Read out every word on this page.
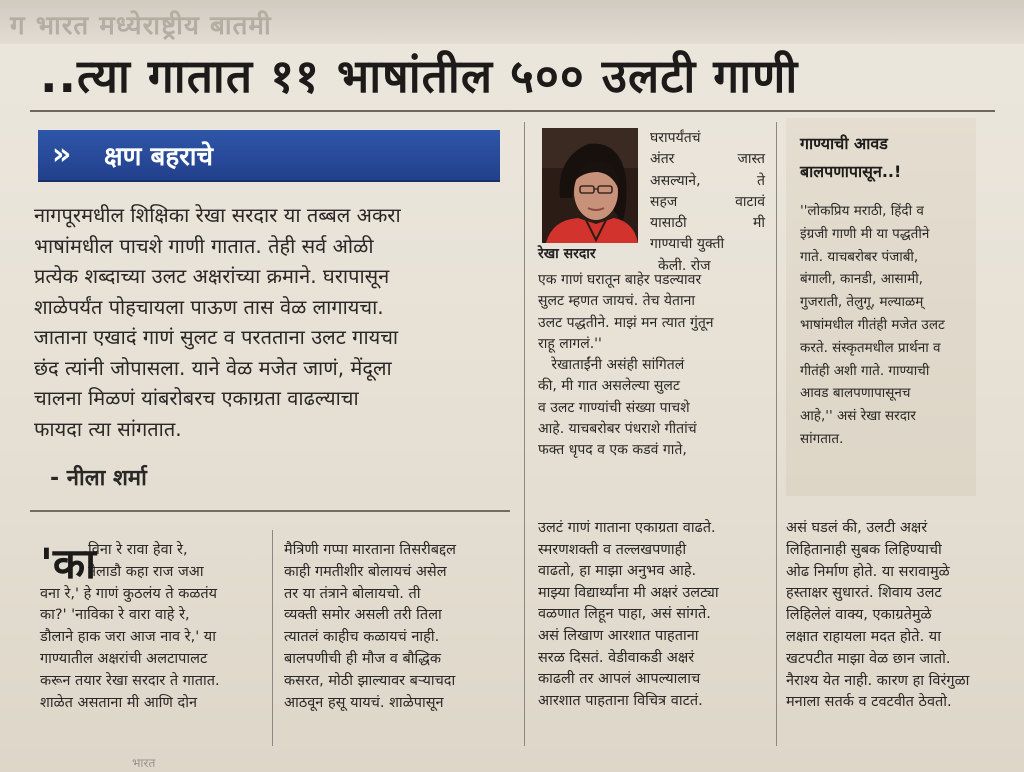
ग भारत मध्येराष्ट्रीय बातमी
..त्या गातात ११ भाषांतील ५०० उलटी गाणी
» क्षण बहराचे

नागपूरमधील शिक्षिका रेखा सरदार या तब्बल अकरा

भाषांमधील पाचशे गाणी गातात. तेही सर्व ओळी

प्रत्येक शब्दाच्या उलट अक्षरांच्या क्रमाने. घरापासून

शाळेपर्यंत पोहचायला पाऊण तास वेळ लागायचा.

जाताना एखादं गाणं सुलट व परतताना उलट गायचा

छंद त्यांनी जोपासला. याने वेळ मजेत जाणं, मेंदूला

चालना मिळणं यांबरोबरच एकाग्रता वाढल्याचा

फायदा त्या सांगतात.

- नीला शर्मा
रेखा सरदार

घरापर्यंतचं

अंतर	जास्त

असल्याने,	ते

सहज	वाटावं

यासाठी	मी

गाण्याची युक्ती

केली. रोज

एक गाणं घरातून बाहेर पडल्यावर

सुलट म्हणत जायचं. तेच येताना

उलट पद्धतीने. माझं मन त्यात गुंतून

राहू लागलं.''

रेखाताईंनी असंही सांगितलं

की, मी गात असलेल्या सुलट

व उलट गाण्यांची संख्या पाचशे

आहे. याचबरोबर पंधराशे गीतांचं

फक्त धृपद व एक कडवं गाते,

उलटं गाणं गाताना एकाग्रता वाढते.

स्मरणशक्ती व तल्लखपणाही

वाढतो, हा माझा अनुभव आहे.

माझ्या विद्यार्थ्यांना मी अक्षरं उलट्या

वळणात लिहून पाहा, असं सांगते.

असं लिखाण आरशात पाहताना

सरळ दिसतं. वेडीवाकडी अक्षरं

काढली तर आपलं आपल्यालाच

आरशात पाहताना विचित्र वाटतं.

गाण्याची आवड

बालपणापासून..!

''लोकप्रिय मराठी, हिंदी व

इंग्रजी गाणी मी या पद्धतीने

गाते. याचबरोबर पंजाबी,

बंगाली, कानडी, आसामी,

गुजराती, तेलुगू, मल्याळम्

भाषांमधील गीतंही मजेत उलट

करते. संस्कृतमधील प्रार्थना व

गीतंही अशी गाते. गाण्याची

आवड बालपणापासूनच

आहे,'' असं रेखा सरदार

सांगतात.

असं घडलं की, उलटी अक्षरं

लिहितानाही सुबक लिहिण्याची

ओढ निर्माण होते. या सरावामुळे

हस्ताक्षर सुधारतं. शिवाय उलट

लिहिलेलं वाक्य, एकाग्रतेमुळे

लक्षात राहायला मदत होते. या

खटपटीत माझा वेळ छान जातो.

नैराश्य येत नाही. कारण हा विरंगुळा

मनाला सतर्क व टवटवीत ठेवतो.

'का

विना रे रावा हेवा रे,

नेलाडौ कहा राज जआ

वना रे,' हे गाणं कुठलंय ते कळतंय

का?' 'नाविका रे वारा वाहे रे,

डौलाने हाक जरा आज नाव रे,' या

गाण्यातील अक्षरांची अलटापालट

करून तयार रेखा सरदार ते गातात.

शाळेत असताना मी आणि दोन

मैत्रिणी गप्पा मारताना तिसरीबद्दल

काही गमतीशीर बोलायचं असेल

तर या तंत्राने बोलायचो. ती

व्यक्ती समोर असली तरी तिला

त्यातलं काहीच कळायचं नाही.

बालपणीची ही मौज व बौद्धिक

कसरत, मोठी झाल्यावर बऱ्याचदा

आठवून हसू यायचं. शाळेपासून

भारत
